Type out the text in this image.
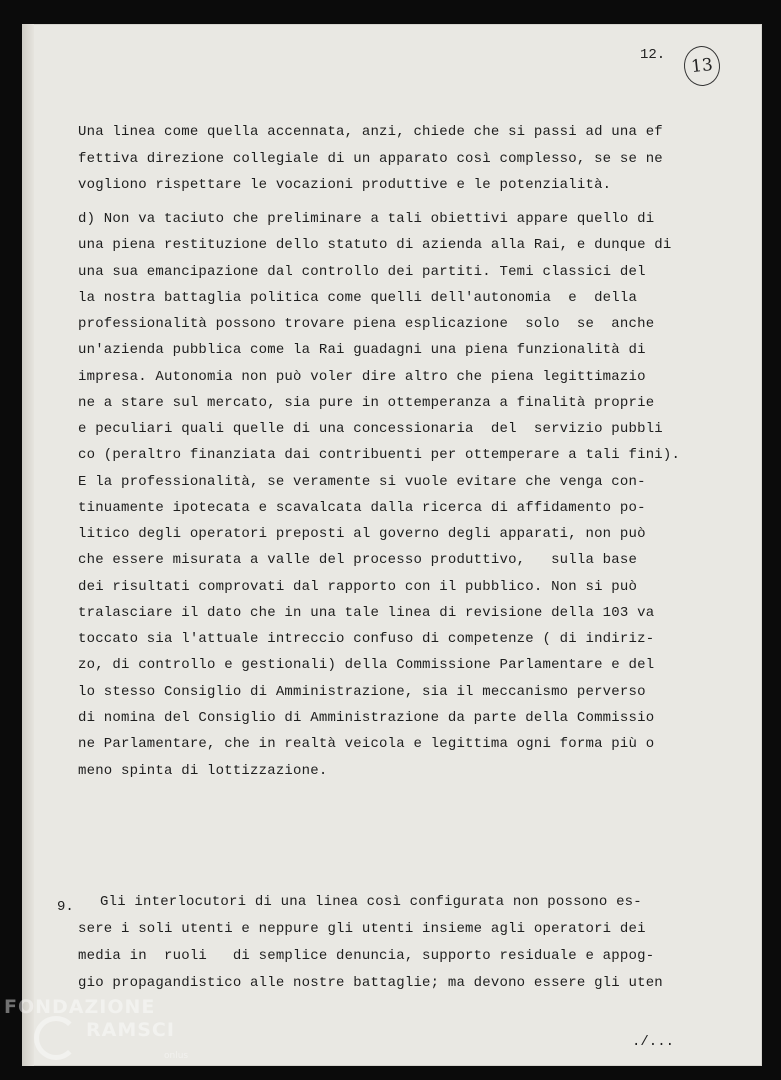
12.	13
Una linea come quella accennata, anzi, chiede che si passi ad una ef
fettiva direzione collegiale di un apparato così complesso, se se ne
vogliono rispettare le vocazioni produttive e le potenzialità.
d) Non va taciuto che preliminare a tali obiettivi appare quello di
una piena restituzione dello statuto di azienda alla Rai, e dunque di
una sua emancipazione dal controllo dei partiti. Temi classici del
la nostra battaglia politica come quelli dell'autonomia  e  della
professionalità possono trovare piena esplicazione  solo  se  anche
un'azienda pubblica come la Rai guadagni una piena funzionalità di
impresa. Autonomia non può voler dire altro che piena legittimazio
ne a stare sul mercato, sia pure in ottemperanza a finalità proprie
e peculiari quali quelle di una concessionaria  del  servizio pubbli
co (peraltro finanziata dai contribuenti per ottemperare a tali fini).
E la professionalità, se veramente si vuole evitare che venga con-
tinuamente ipotecata e scavalcata dalla ricerca di affidamento po-
litico degli operatori preposti al governo degli apparati, non può
che essere misurata a valle del processo produttivo,   sulla base
dei risultati comprovati dal rapporto con il pubblico. Non si può
tralasciare il dato che in una tale linea di revisione della 103 va
toccato sia l'attuale intreccio confuso di competenze ( di indiriz-
zo, di controllo e gestionali) della Commissione Parlamentare e del
lo stesso Consiglio di Amministrazione, sia il meccanismo perverso
di nomina del Consiglio di Amministrazione da parte della Commissio
ne Parlamentare, che in realtà veicola e legittima ogni forma più o
meno spinta di lottizzazione.
9. Gli interlocutori di una linea così configurata non possono es-
sere i soli utenti e neppure gli utenti insieme agli operatori dei
media in  ruoli   di semplice denuncia, supporto residuale e appog-
gio propagandistico alle nostre battaglie; ma devono essere gli uten
./...
FONDAZIONE
RAMSCI
onlus
